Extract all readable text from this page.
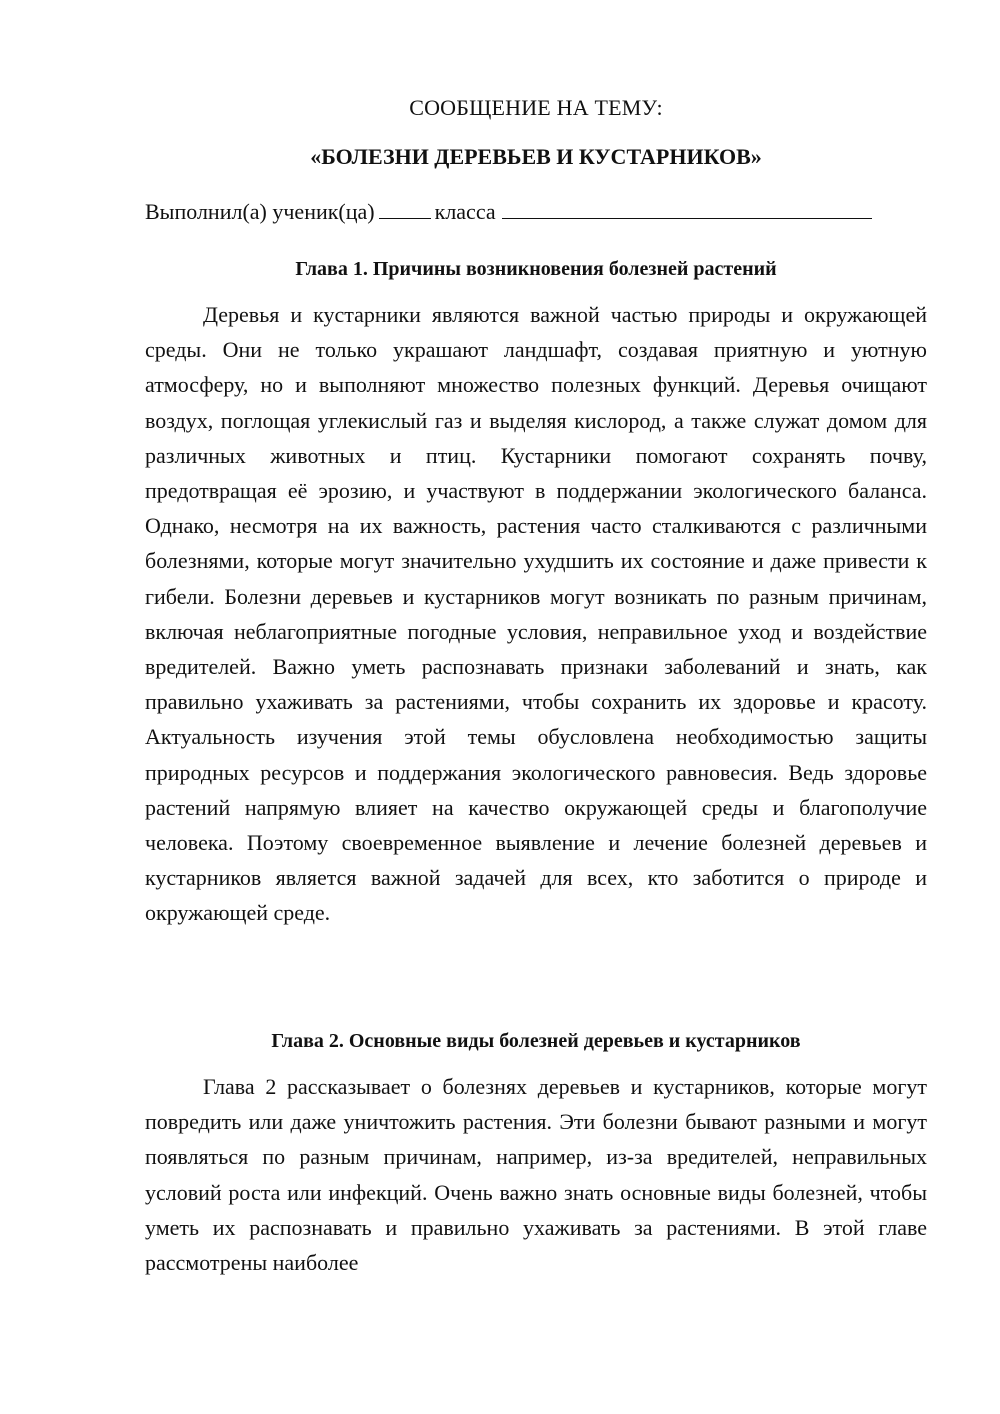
СООБЩЕНИЕ НА ТЕМУ:
«БОЛЕЗНИ ДЕРЕВЬЕВ И КУСТАРНИКОВ»
Выполнил(а) ученик(ца)	класса
Глава 1. Причины возникновения болезней растений

Деревья и кустарники являются важной частью природы и окружающей среды. Они не только украшают ландшафт, создавая приятную и уютную атмосферу, но и выполняют множество полезных функций. Деревья очищают воздух, поглощая углекислый газ и выделяя кислород, а также служат домом для различных животных и птиц. Кустарники помогают сохранять почву, предотвращая её эрозию, и участвуют в поддержании экологического баланса. Однако, несмотря на их важность, растения часто сталкиваются с различными болезнями, которые могут значительно ухудшить их состояние и даже привести к гибели. Болезни деревьев и кустарников могут возникать по разным причинам, включая неблагоприятные погодные условия, неправильное уход и воздействие вредителей. Важно уметь распознавать признаки заболеваний и знать, как правильно ухаживать за растениями, чтобы сохранить их здоровье и красоту. Актуальность изучения этой темы обусловлена необходимостью защиты природных ресурсов и поддержания экологического равновесия. Ведь здоровье растений напрямую влияет на качество окружающей среды и благополучие человека. Поэтому своевременное выявление и лечение болезней деревьев и кустарников является важной задачей для всех, кто заботится о природе и окружающей среде.

Глава 2. Основные виды болезней деревьев и кустарников

Глава 2 рассказывает о болезнях деревьев и кустарников, которые могут повредить или даже уничтожить растения. Эти болезни бывают разными и могут появляться по разным причинам, например, из-за вредителей, неправильных условий роста или инфекций. Очень важно знать основные виды болезней, чтобы уметь их распознавать и правильно ухаживать за растениями. В этой главе рассмотрены наиболее
